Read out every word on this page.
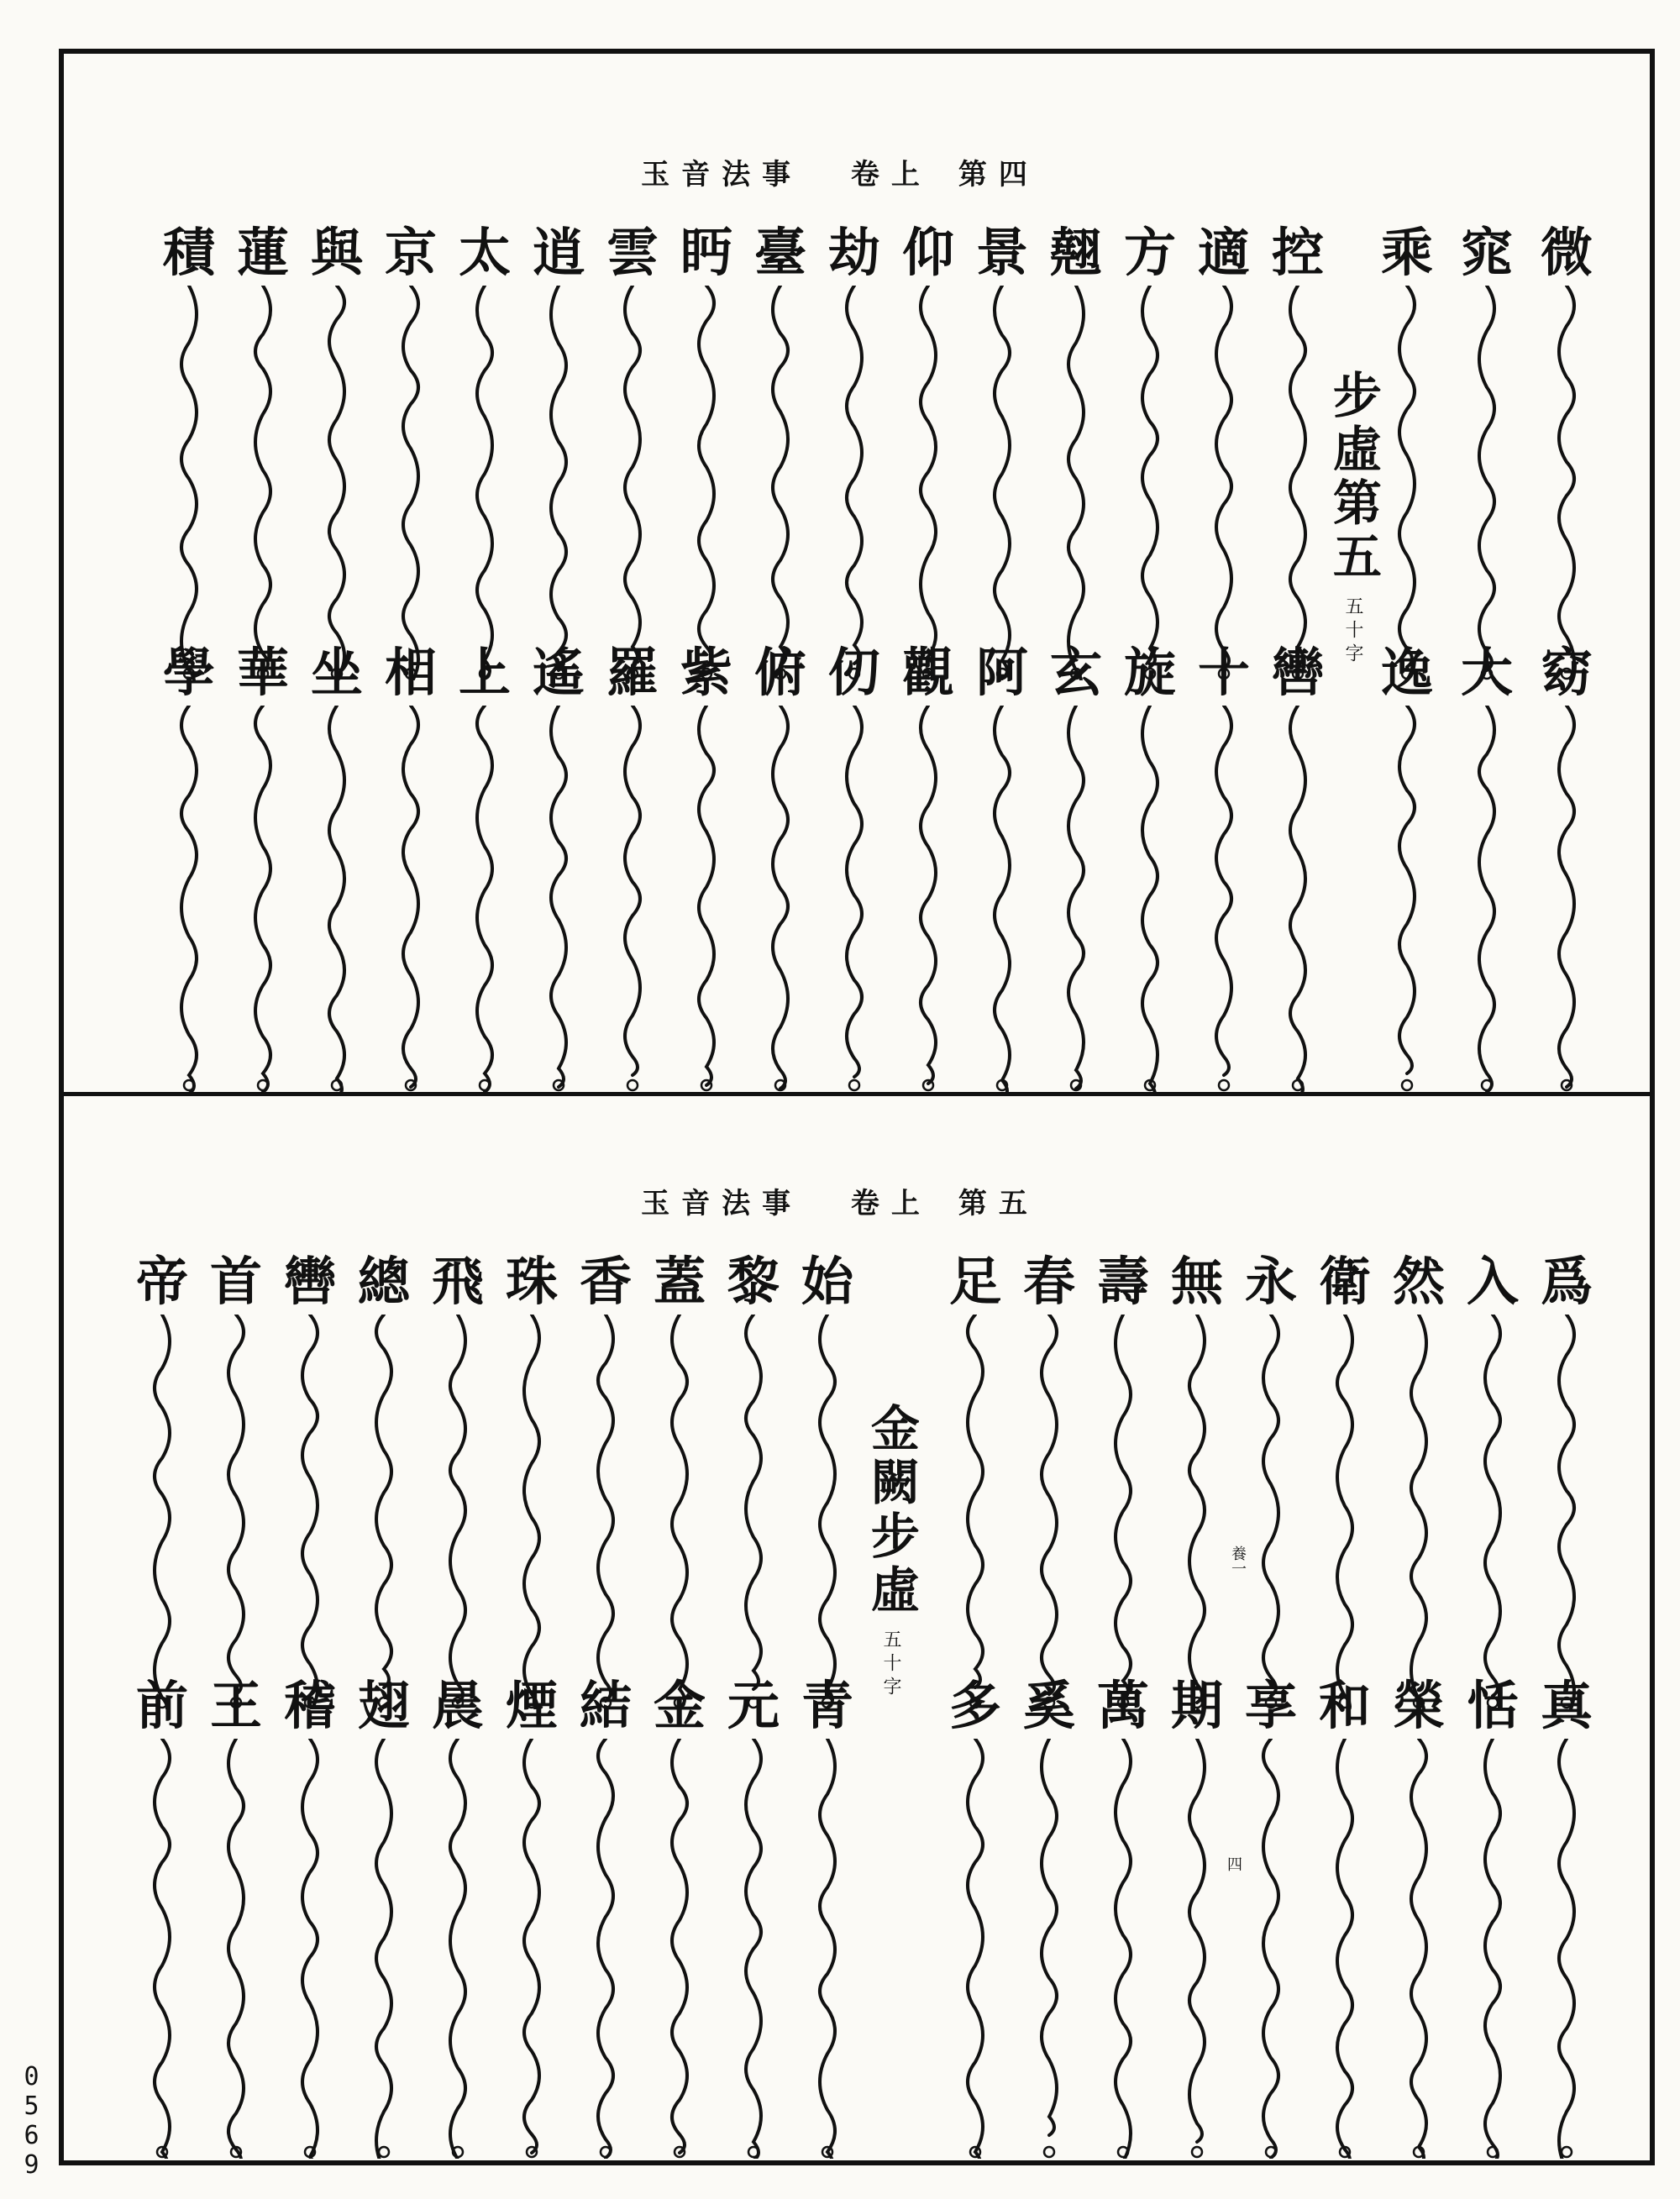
玉音法事 卷上 第四
步虛第五
五十字
微
窕
乘
控
適
方
翹
景
仰
劫
臺
眄
雲
逍
太
京
與
蓮
積
窈
大
逸
轡
十
旋
玄
阿
觀
仞
俯
紫
羅
遙
上
相
坐
華
學
玉音法事 卷上 第五
金闕步虛
五十字
爲
入
然
衛
永
無
壽
春
足
始
黎
蓋
香
珠
飛
總
轡
首
帝
真
恬
榮
和
享
期
萬
奚
多
青
元
金
結
煙
晨
翅
稽
王
前
養一
四
0569
